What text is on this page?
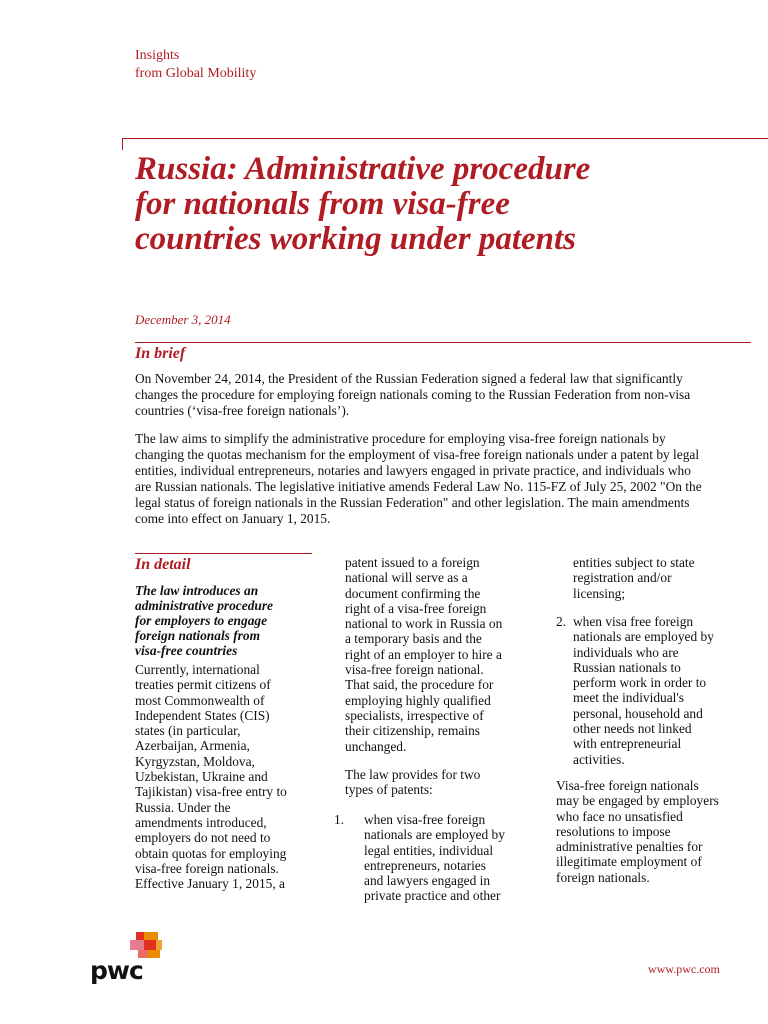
Insights
from Global Mobility
Russia: Administrative procedure
for nationals from visa-free
countries working under patents
December 3, 2014
In brief

On November 24, 2014, the President of the Russian Federation signed a federal law that significantly
changes the procedure for employing foreign nationals coming to the Russian Federation from non-visa
countries (‘visa-free foreign nationals’).

The law aims to simplify the administrative procedure for employing visa-free foreign nationals by
changing the quotas mechanism for the employment of visa-free foreign nationals under a patent by legal
entities, individual entrepreneurs, notaries and lawyers engaged in private practice, and individuals who
are Russian nationals. The legislative initiative amends Federal Law No. 115-FZ of July 25, 2002 "On the
legal status of foreign nationals in the Russian Federation" and other legislation. The main amendments
come into effect on January 1, 2015.

In detail

The law introduces an
administrative procedure
for employers to engage
foreign nationals from
visa-free countries

Currently, international
treaties permit citizens of
most Commonwealth of
Independent States (CIS)
states (in particular,
Azerbaijan, Armenia,
Kyrgyzstan, Moldova,
Uzbekistan, Ukraine and
Tajikistan) visa-free entry to
Russia. Under the
amendments introduced,
employers do not need to
obtain quotas for employing
visa-free foreign nationals.
Effective January 1, 2015, a

patent issued to a foreign
national will serve as a
document confirming the
right of a visa-free foreign
national to work in Russia on
a temporary basis and the
right of an employer to hire a
visa-free foreign national.
That said, the procedure for
employing highly qualified
specialists, irrespective of
their citizenship, remains
unchanged.

The law provides for two
types of patents:

1. when visa-free foreign
nationals are employed by
legal entities, individual
entrepreneurs, notaries
and lawyers engaged in
private practice and other

entities subject to state
registration and/or
licensing;

2. when visa free foreign
nationals are employed by
individuals who are
Russian nationals to
perform work in order to
meet the individual's
personal, household and
other needs not linked
with entrepreneurial
activities.

Visa-free foreign nationals
may be engaged by employers
who face no unsatisfied
resolutions to impose
administrative penalties for
illegitimate employment of
foreign nationals.

pwc	www.pwc.com
